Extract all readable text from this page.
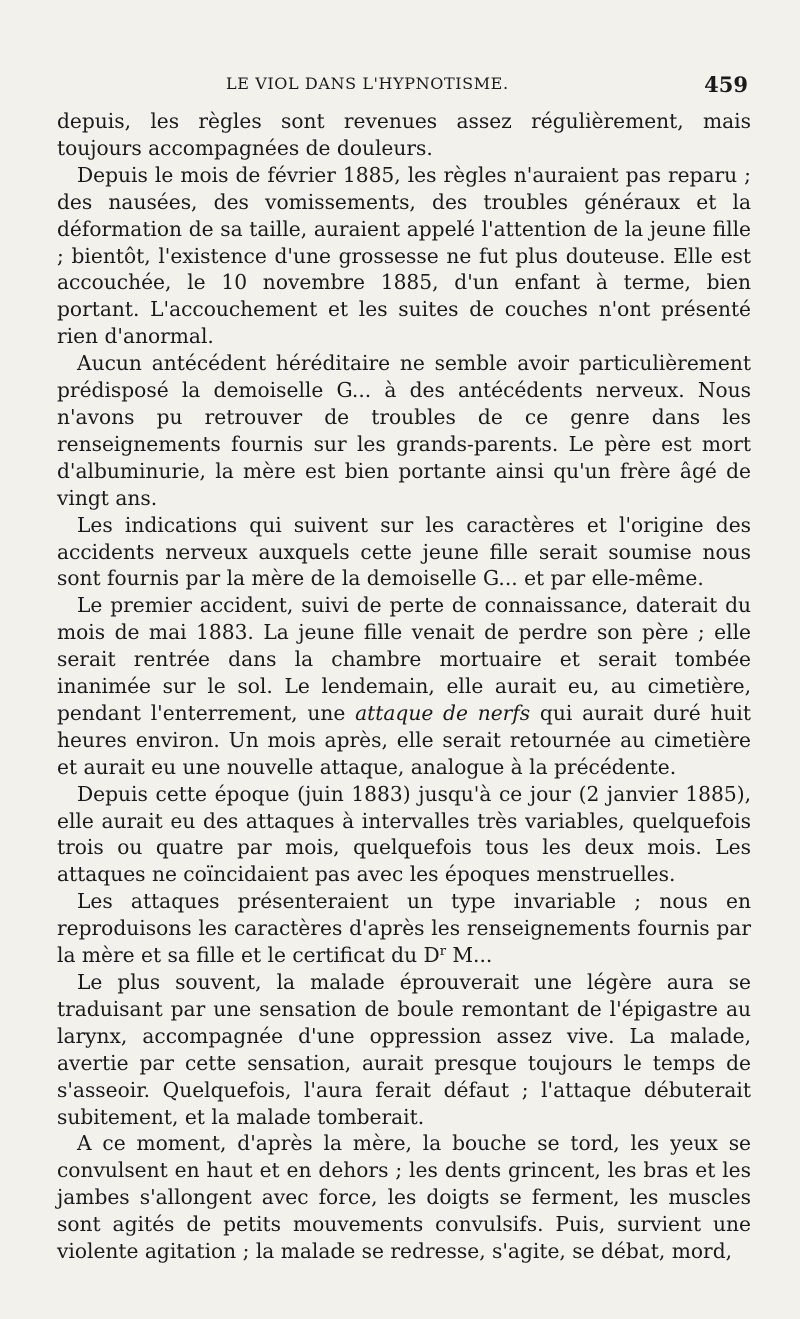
LE VIOL DANS L'HYPNOTISME.	459

depuis, les règles sont revenues assez régulièrement, mais toujours accompagnées de douleurs.

Depuis le mois de février 1885, les règles n'auraient pas reparu ; des nausées, des vomissements, des troubles généraux et la déformation de sa taille, auraient appelé l'attention de la jeune fille ; bientôt, l'existence d'une grossesse ne fut plus douteuse. Elle est accouchée, le 10 novembre 1885, d'un enfant à terme, bien portant. L'accouchement et les suites de couches n'ont présenté rien d'anormal.

Aucun antécédent héréditaire ne semble avoir particulièrement prédisposé la demoiselle G... à des antécédents nerveux. Nous n'avons pu retrouver de troubles de ce genre dans les renseignements fournis sur les grands-parents. Le père est mort d'albuminurie, la mère est bien portante ainsi qu'un frère âgé de vingt ans.

Les indications qui suivent sur les caractères et l'origine des accidents nerveux auxquels cette jeune fille serait soumise nous sont fournis par la mère de la demoiselle G... et par elle-même.

Le premier accident, suivi de perte de connaissance, daterait du mois de mai 1883. La jeune fille venait de perdre son père ; elle serait rentrée dans la chambre mortuaire et serait tombée inanimée sur le sol. Le lendemain, elle aurait eu, au cimetière, pendant l'enterrement, une attaque de nerfs qui aurait duré huit heures environ. Un mois après, elle serait retournée au cimetière et aurait eu une nouvelle attaque, analogue à la précédente.

Depuis cette époque (juin 1883) jusqu'à ce jour (2 janvier 1885), elle aurait eu des attaques à intervalles très variables, quelquefois trois ou quatre par mois, quelquefois tous les deux mois. Les attaques ne coïncidaient pas avec les époques menstruelles.

Les attaques présenteraient un type invariable ; nous en reproduisons les caractères d'après les renseignements fournis par la mère et sa fille et le certificat du $D^r$ M...

Le plus souvent, la malade éprouverait une légère aura se traduisant par une sensation de boule remontant de l'épigastre au larynx, accompagnée d'une oppression assez vive. La malade, avertie par cette sensation, aurait presque toujours le temps de s'asseoir. Quelquefois, l'aura ferait défaut ; l'attaque débuterait subitement, et la malade tomberait.

A ce moment, d'après la mère, la bouche se tord, les yeux se convulsent en haut et en dehors ; les dents grincent, les bras et les jambes s'allongent avec force, les doigts se ferment, les muscles sont agités de petits mouvements convulsifs. Puis, survient une violente agitation ; la malade se redresse, s'agite, se débat, mord,
